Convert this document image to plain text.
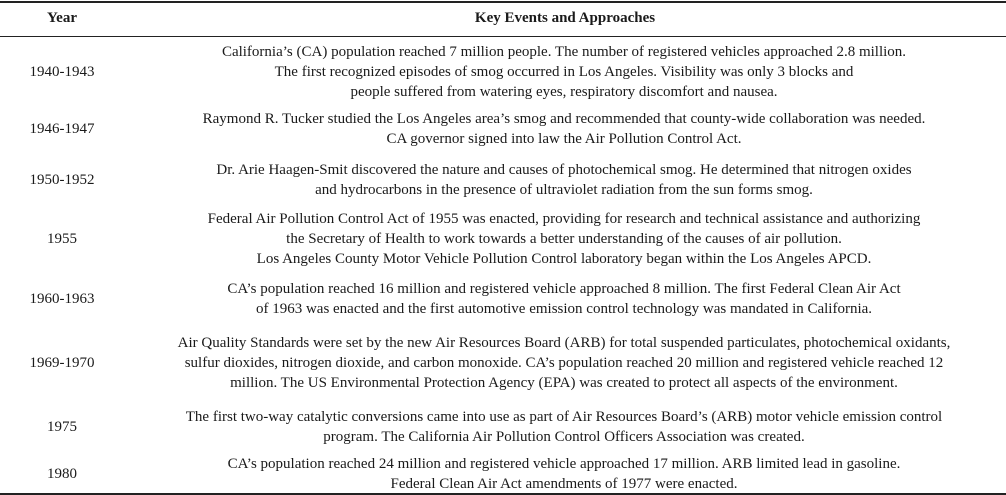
Year	Key Events and Approaches
1940-1943
California’s (CA) population reached 7 million people. The number of registered vehicles approached 2.8 million.
The first recognized episodes of smog occurred in Los Angeles. Visibility was only 3 blocks and
people suffered from watering eyes, respiratory discomfort and nausea.
1946-1947
Raymond R. Tucker studied the Los Angeles area’s smog and recommended that county-wide collaboration was needed.
CA governor signed into law the Air Pollution Control Act.
1950-1952
Dr. Arie Haagen-Smit discovered the nature and causes of photochemical smog. He determined that nitrogen oxides
and hydrocarbons in the presence of ultraviolet radiation from the sun forms smog.
1955
Federal Air Pollution Control Act of 1955 was enacted, providing for research and technical assistance and authorizing
the Secretary of Health to work towards a better understanding of the causes of air pollution.
Los Angeles County Motor Vehicle Pollution Control laboratory began within the Los Angeles APCD.
1960-1963
CA’s population reached 16 million and registered vehicle approached 8 million. The first Federal Clean Air Act
of 1963 was enacted and the first automotive emission control technology was mandated in California.
1969-1970
Air Quality Standards were set by the new Air Resources Board (ARB) for total suspended particulates, photochemical oxidants,
sulfur dioxides, nitrogen dioxide, and carbon monoxide. CA’s population reached 20 million and registered vehicle reached 12
million. The US Environmental Protection Agency (EPA) was created to protect all aspects of the environment.
1975
The first two-way catalytic conversions came into use as part of Air Resources Board’s (ARB) motor vehicle emission control
program. The California Air Pollution Control Officers Association was created.
1980
CA’s population reached 24 million and registered vehicle approached 17 million. ARB limited lead in gasoline.
Federal Clean Air Act amendments of 1977 were enacted.
